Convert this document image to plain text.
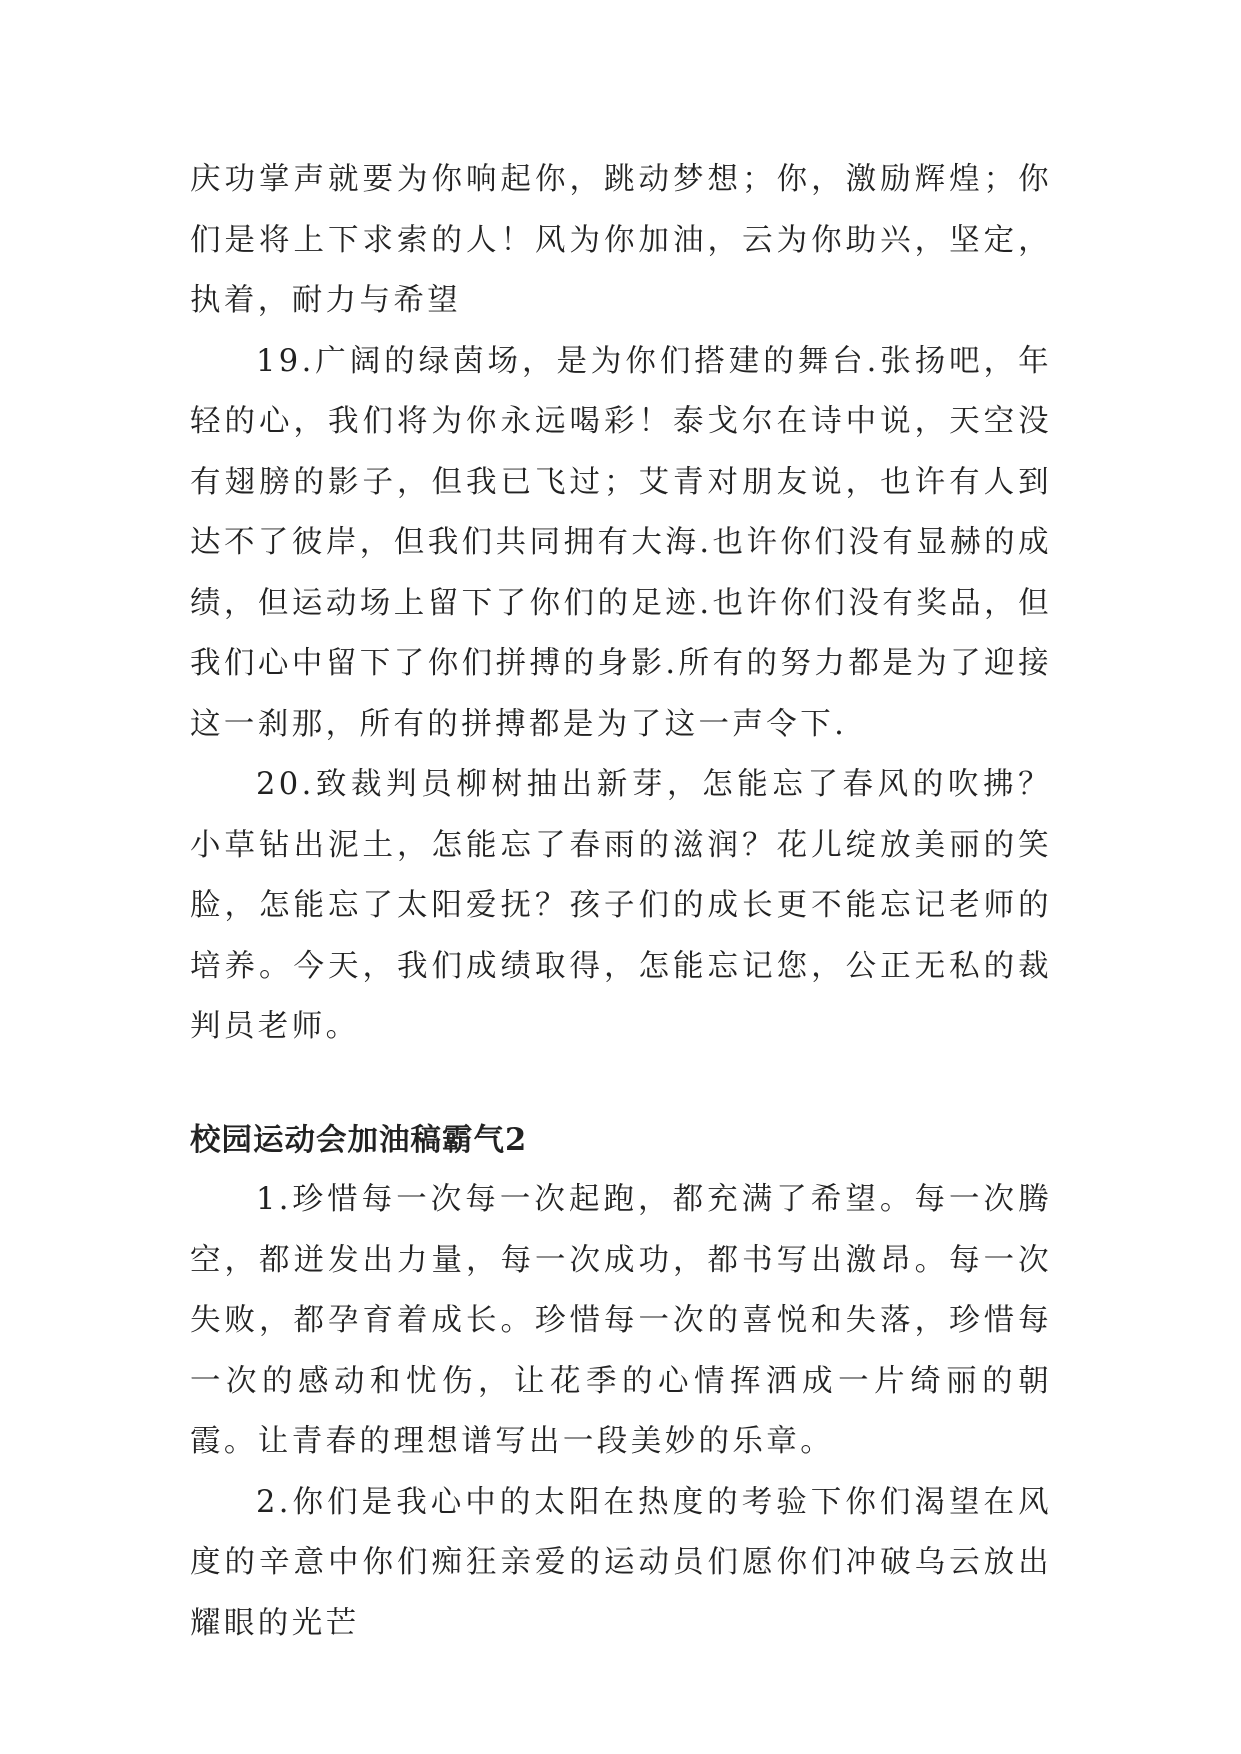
庆功掌声就要为你响起你，跳动梦想；你，激励辉煌；你们是将上下求索的人！风为你加油，云为你助兴，坚定，执着，耐力与希望

19.广阔的绿茵场，是为你们搭建的舞台.张扬吧，年轻的心，我们将为你永远喝彩！泰戈尔在诗中说，天空没有翅膀的影子，但我已飞过；艾青对朋友说，也许有人到达不了彼岸，但我们共同拥有大海.也许你们没有显赫的成绩，但运动场上留下了你们的足迹.也许你们没有奖品，但我们心中留下了你们拼搏的身影.所有的努力都是为了迎接这一刹那，所有的拼搏都是为了这一声令下.

20.致裁判员柳树抽出新芽，怎能忘了春风的吹拂？小草钻出泥土，怎能忘了春雨的滋润？花儿绽放美丽的笑脸，怎能忘了太阳爱抚？孩子们的成长更不能忘记老师的培养。今天，我们成绩取得，怎能忘记您，公正无私的裁判员老师。

校园运动会加油稿霸气2

1.珍惜每一次每一次起跑，都充满了希望。每一次腾空，都迸发出力量，每一次成功，都书写出激昂。每一次失败，都孕育着成长。珍惜每一次的喜悦和失落，珍惜每一次的感动和忧伤，让花季的心情挥洒成一片绮丽的朝霞。让青春的理想谱写出一段美妙的乐章。

2.你们是我心中的太阳在热度的考验下你们渴望在风度的辛意中你们痴狂亲爱的运动员们愿你们冲破乌云放出耀眼的光芒
